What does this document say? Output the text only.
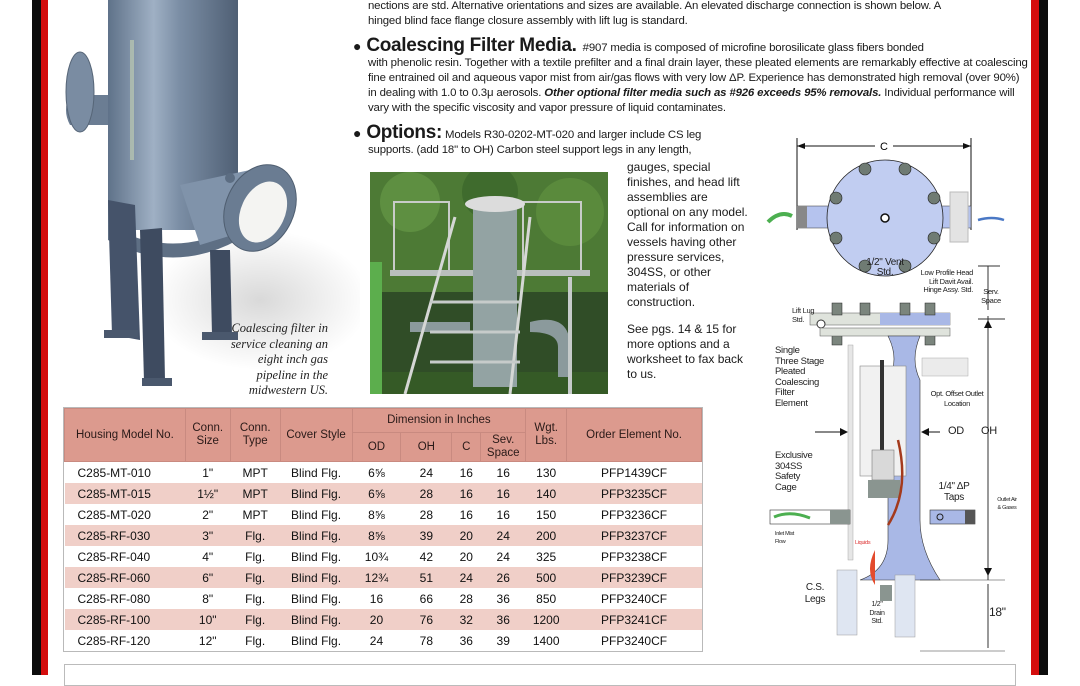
Coalescing filter in service cleaning an eight inch gas pipeline in the midwestern US.
nections are std. Alternative orientations and sizes are available. An elevated discharge connection is shown below. A
hinged blind face flange closure assembly with lift lug is standard.
● Coalescing Filter Media. #907 media is composed of microfine borosilicate glass fibers bonded
with phenolic resin. Together with a textile prefilter and a final drain layer, these pleated elements are remarkably effective at coalescing fine entrained oil and aqueous vapor mist from air/gas flows with very low ΔP. Experience has demonstrated high removal (over 90%) in dealing with 1.0 to 0.3μ aerosols. Other optional filter media such as #926 exceeds 95% removals. Individual performance will vary with the specific viscosity and vapor pressure of liquid contaminates.
● Options: Models R30-0202-MT-020 and larger include CS leg
supports. (add 18" to OH) Carbon steel support legs in any length,
gauges, special finishes, and head lift assemblies are optional on any model. Call for information on vessels having other pressure services, 304SS, or other materials of construction.
See pgs. 14 & 15 for more options and a worksheet to fax back to us.
Housing Model No.	Conn. Size	Conn. Type	Cover Style	Dimension in Inches				Wgt. Lbs.	Order Element No.
				OD	OH	C	Sev. Space		
C285-MT-010	1"	MPT	Blind Flg.	6⅝	24	16	16	130	PFP1439CF
C285-MT-015	1½"	MPT	Blind Flg.	6⅝	28	16	16	140	PFP3235CF
C285-MT-020	2"	MPT	Blind Flg.	8⅝	28	16	16	150	PFP3236CF
C285-RF-030	3"	Flg.	Blind Flg.	8⅝	39	20	24	200	PFP3237CF
C285-RF-040	4"	Flg.	Blind Flg.	10¾	42	20	24	325	PFP3238CF
C285-RF-060	6"	Flg.	Blind Flg.	12¾	51	24	26	500	PFP3239CF
C285-RF-080	8"	Flg.	Blind Flg.	16	66	28	36	850	PFP3240CF
C285-RF-100	10"	Flg.	Blind Flg.	20	76	32	36	1200	PFP3241CF
C285-RF-120	12"	Flg.	Blind Flg.	24	78	36	39	1400	PFP3240CF
C
1/2" Vent Std.	Low Profile Head Lift Davit Avail. Hinge Assy. Std.	Serv. Space
Lift Lug Std.
Single Three Stage Pleated Coalescing Filter Element
Opt. Offset Outlet Location
OD OH
Exclusive 304SS Safety Cage	1/4" ΔP Taps	Outlet Air & Gases
Inlet Mist Flow	Liquids
C.S. Legs	1/2" Drain Std.
18"
